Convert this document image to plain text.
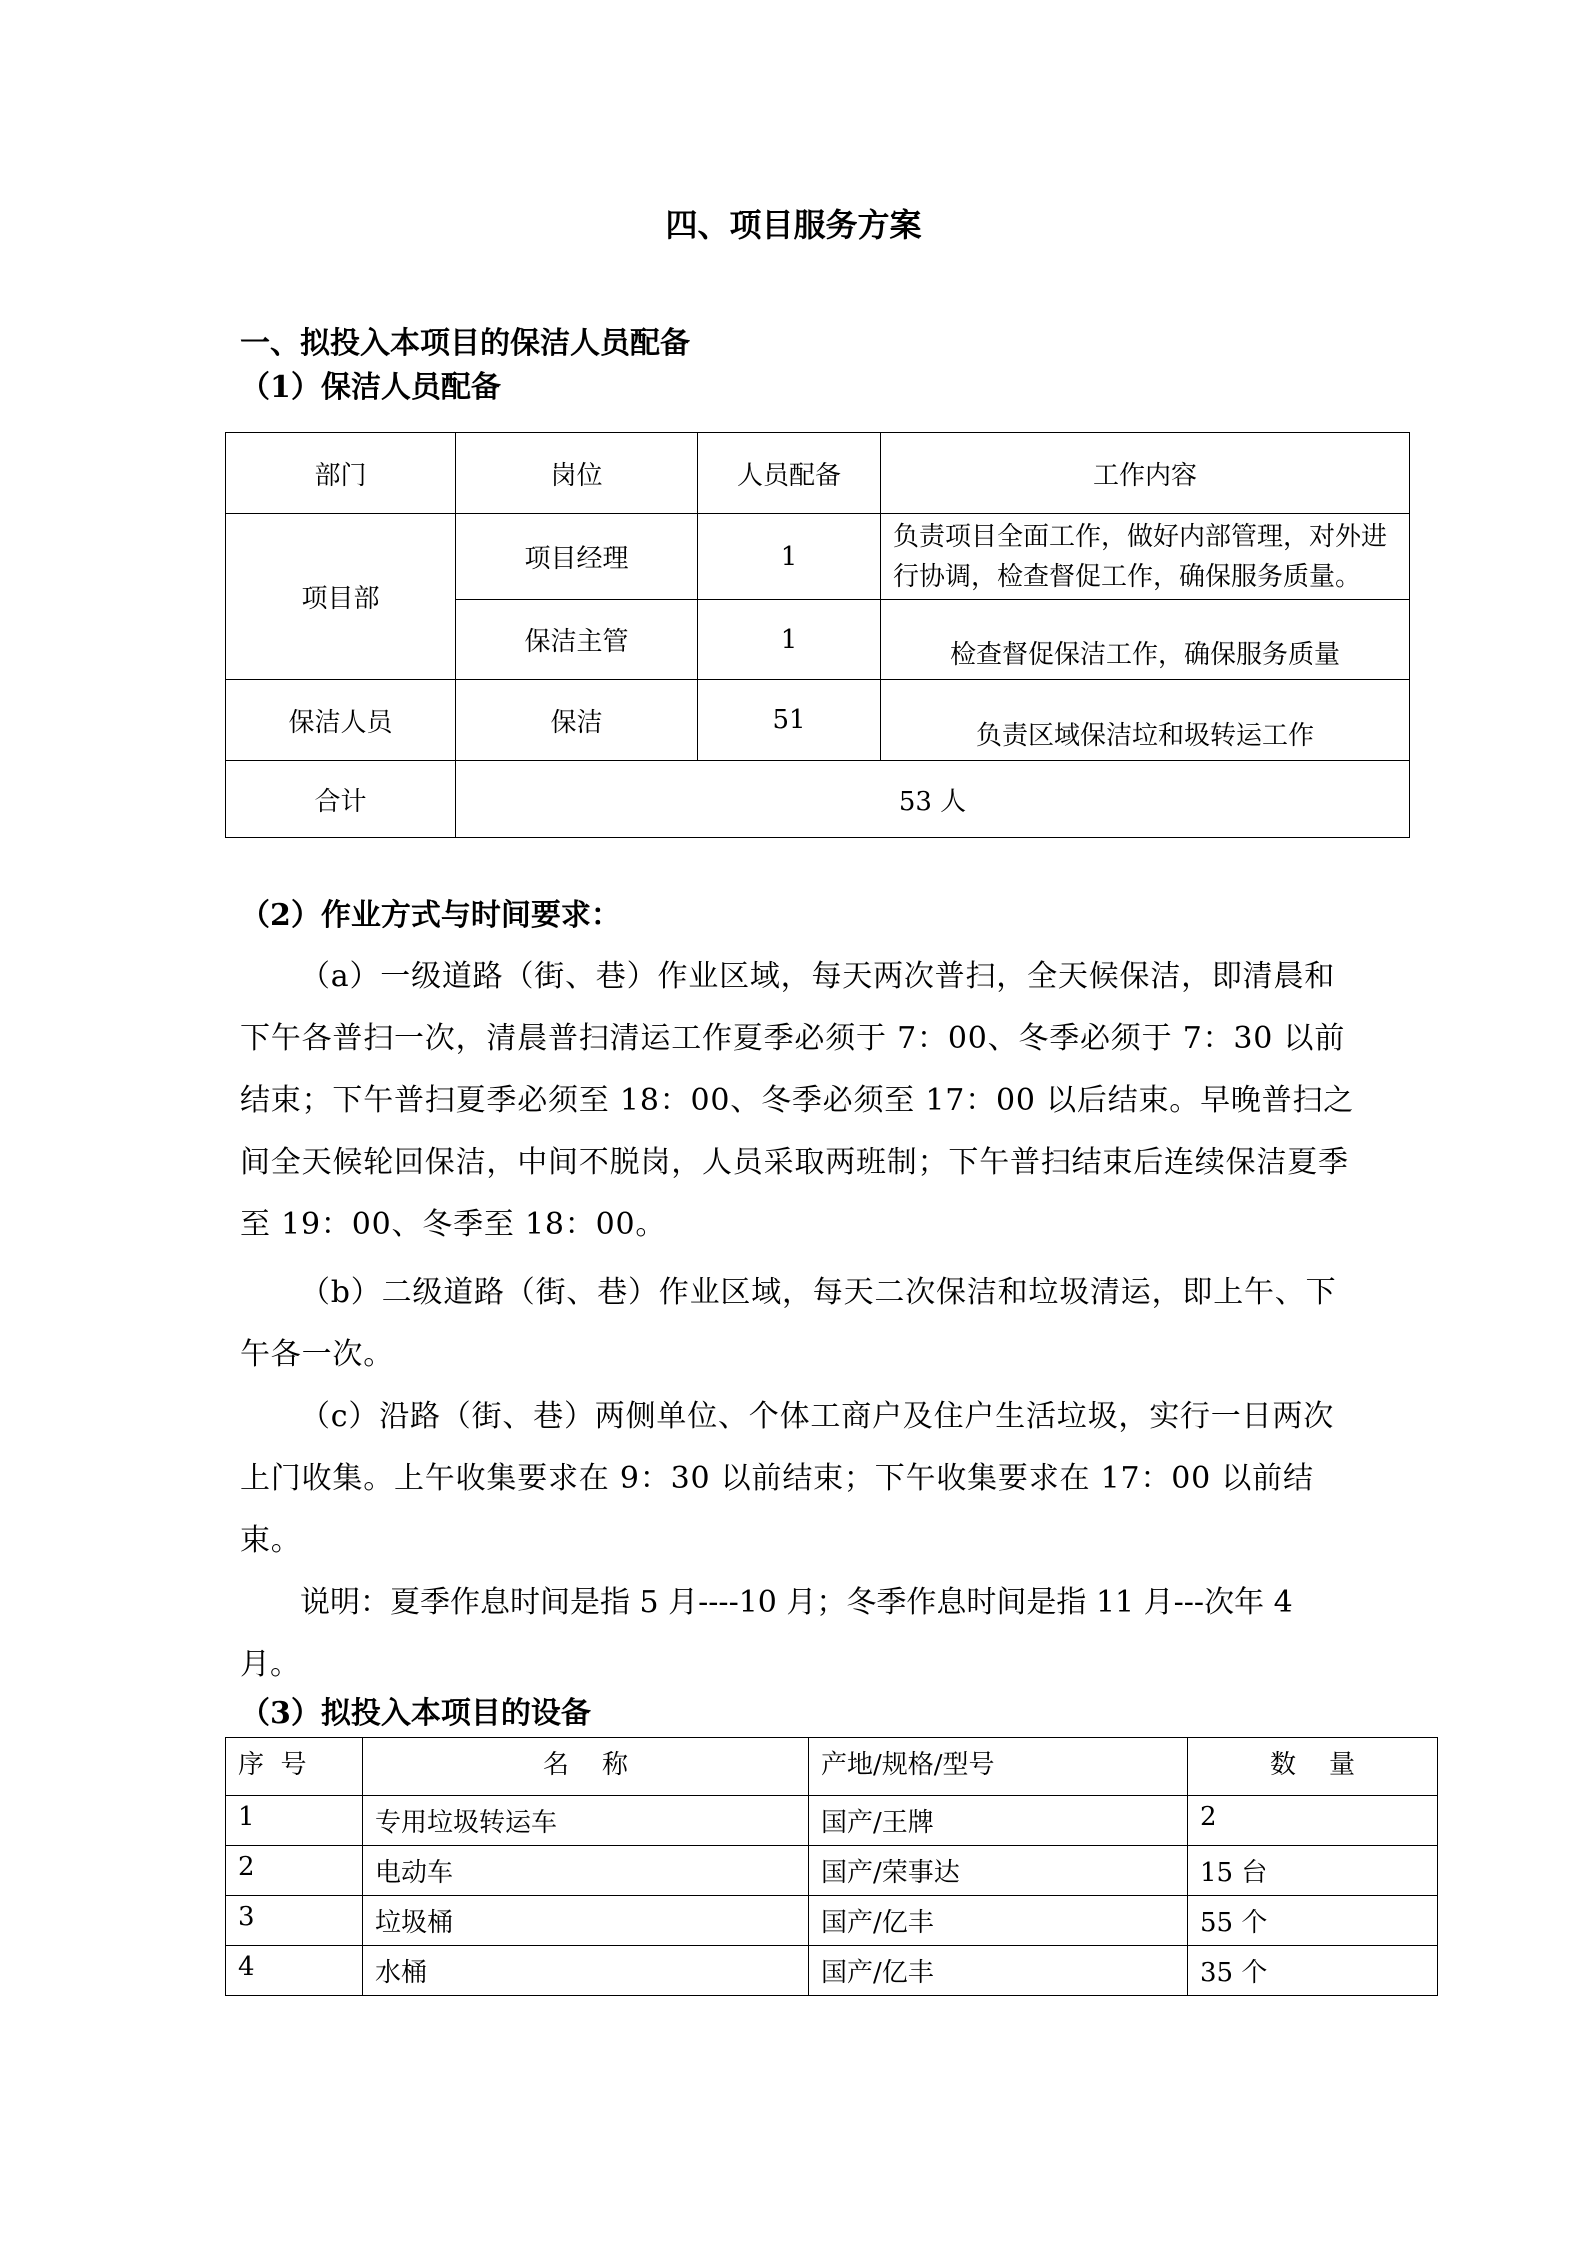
四、项目服务方案
一、拟投入本项目的保洁人员配备
（1）保洁人员配备
部门	岗位	人员配备	工作内容
项目部	项目经理	1	负责项目全面工作，做好内部管理，对外进行协调，检查督促工作，确保服务质量。
	保洁主管	1	检查督促保洁工作，确保服务质量
保洁人员	保洁	51	负责区域保洁垃和圾转运工作
合计	53 人		
（2）作业方式与时间要求：
（a）一级道路（街、巷）作业区域，每天两次普扫，全天候保洁，即清晨和下午各普扫一次，清晨普扫清运工作夏季必须于 7：00、冬季必须于 7：30 以前结束；下午普扫夏季必须至 18：00、冬季必须至 17：00 以后结束。早晚普扫之间全天候轮回保洁，中间不脱岗，人员采取两班制；下午普扫结束后连续保洁夏季至 19：00、冬季至 18：00。
（b）二级道路（街、巷）作业区域，每天二次保洁和垃圾清运，即上午、下午各一次。
（c）沿路（街、巷）两侧单位、个体工商户及住户生活垃圾，实行一日两次上门收集。上午收集要求在 9：30 以前结束；下午收集要求在 17：00 以前结束。
说明：夏季作息时间是指 5 月----10 月；冬季作息时间是指 11 月---次年 4 月。
（3）拟投入本项目的设备
序  号	名    称	产地/规格/型号	数    量
1	专用垃圾转运车	国产/王牌	2
2	电动车	国产/荣事达	15 台
3	垃圾桶	国产/亿丰	55 个
4	水桶	国产/亿丰	35 个
